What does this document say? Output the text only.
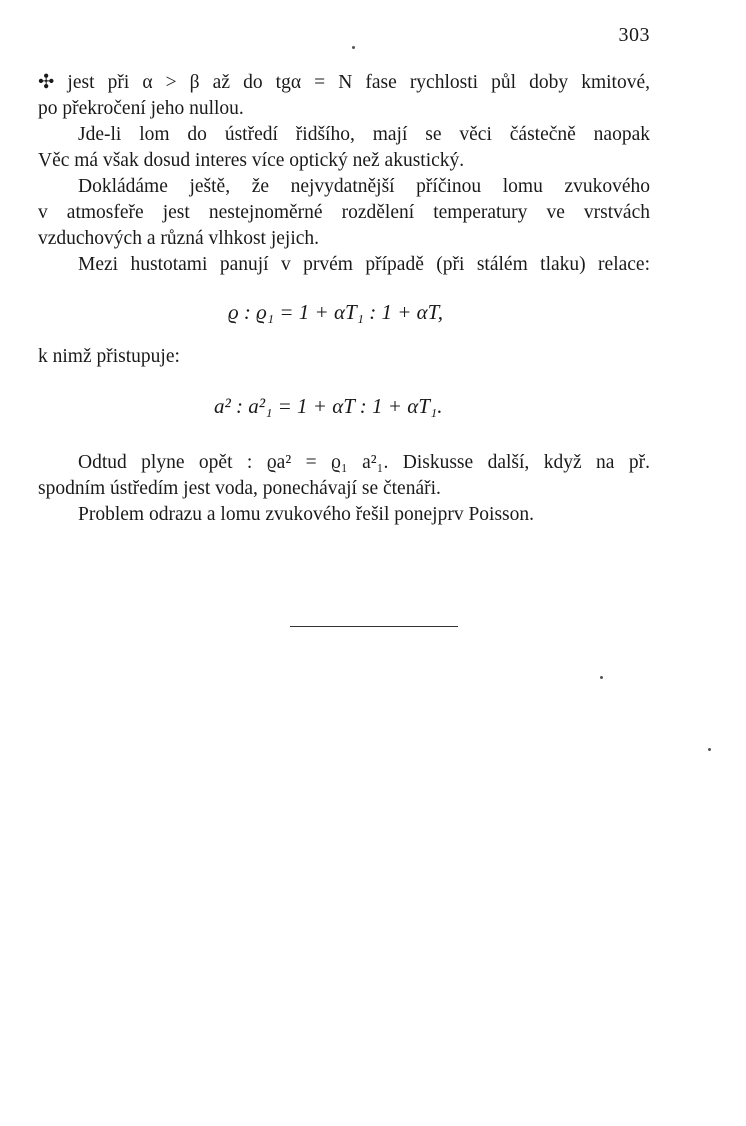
303
✣ jest při α > β až do tgα = N fase rychlosti půl doby kmitové,
po překročení jeho nullou.
Jde-li lom do ústředí řidšího, mají se věci částečně naopak
Věc má však dosud interes více optický než akustický.
Dokládáme ještě, že nejvydatnější příčinou lomu zvukového
v atmosfeře jest nestejnoměrné rozdělení temperatury ve vrstvách
vzduchových a různá vlhkost jejich.
Mezi hustotami panují v prvém případě (při stálém tlaku) relace:
ϱ : ϱ₁ = 1 + αT₁ : 1 + αT,
k nimž přistupuje:
a² : a²₁ = 1 + αT : 1 + αT₁.
Odtud plyne opět : ϱa² = ϱ₁ a²₁. Diskusse další, když na př.
spodním ústředím jest voda, ponechávají se čtenáři.
Problem odrazu a lomu zvukového řešil ponejprv Poisson.
